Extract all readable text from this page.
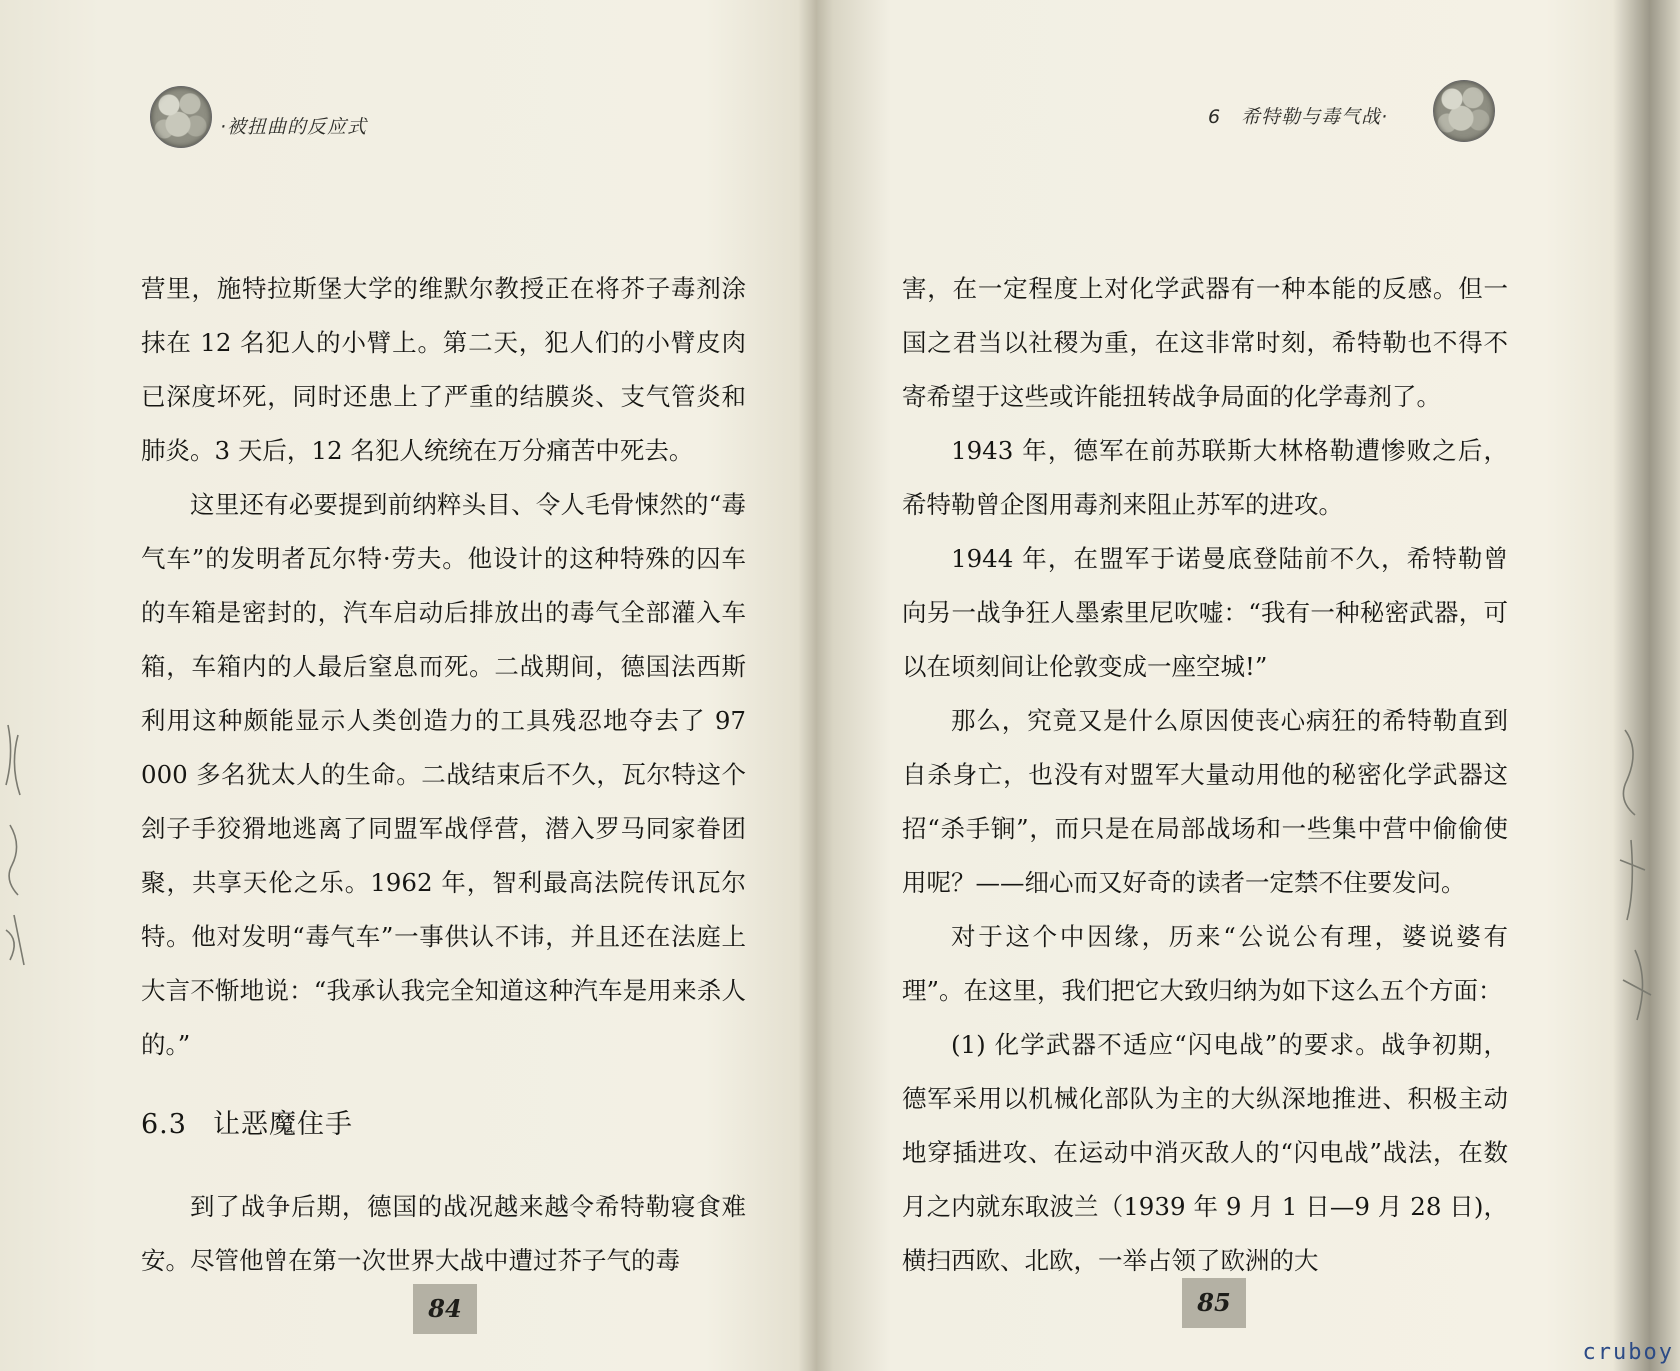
·被扭曲的反应式

营里，施特拉斯堡大学的维默尔教授正在将芥子毒剂涂抹在 12 名犯人的小臂上。第二天，犯人们的小臂皮肉已深度坏死，同时还患上了严重的结膜炎、支气管炎和肺炎。3 天后，12 名犯人统统在万分痛苦中死去。

这里还有必要提到前纳粹头目、令人毛骨悚然的“毒气车”的发明者瓦尔特·劳夫。他设计的这种特殊的囚车的车箱是密封的，汽车启动后排放出的毒气全部灌入车箱，车箱内的人最后窒息而死。二战期间，德国法西斯利用这种颇能显示人类创造力的工具残忍地夺去了 97 000 多名犹太人的生命。二战结束后不久，瓦尔特这个刽子手狡猾地逃离了同盟军战俘营，潜入罗马同家眷团聚，共享天伦之乐。1962 年，智利最高法院传讯瓦尔特。他对发明“毒气车”一事供认不讳，并且还在法庭上大言不惭地说：“我承认我完全知道这种汽车是用来杀人的。”

6.3 让恶魔住手

到了战争后期，德国的战况越来越令希特勒寝食难安。尽管他曾在第一次世界大战中遭过芥子气的毒

84
6　希特勒与毒气战·

害，在一定程度上对化学武器有一种本能的反感。但一国之君当以社稷为重，在这非常时刻，希特勒也不得不寄希望于这些或许能扭转战争局面的化学毒剂了。

1943 年，德军在前苏联斯大林格勒遭惨败之后，希特勒曾企图用毒剂来阻止苏军的进攻。

1944 年，在盟军于诺曼底登陆前不久，希特勒曾向另一战争狂人墨索里尼吹嘘：“我有一种秘密武器，可以在顷刻间让伦敦变成一座空城!”

那么，究竟又是什么原因使丧心病狂的希特勒直到自杀身亡，也没有对盟军大量动用他的秘密化学武器这招“杀手锏”，而只是在局部战场和一些集中营中偷偷使用呢？——细心而又好奇的读者一定禁不住要发问。

对于这个中因缘，历来“公说公有理，婆说婆有理”。在这里，我们把它大致归纳为如下这么五个方面：

(1) 化学武器不适应“闪电战”的要求。战争初期，德军采用以机械化部队为主的大纵深地推进、积极主动地穿插进攻、在运动中消灭敌人的“闪电战”战法，在数月之内就东取波兰（1939 年 9 月 1 日—9 月 28 日)，横扫西欧、北欧，一举占领了欧洲的大

85
cruboy
